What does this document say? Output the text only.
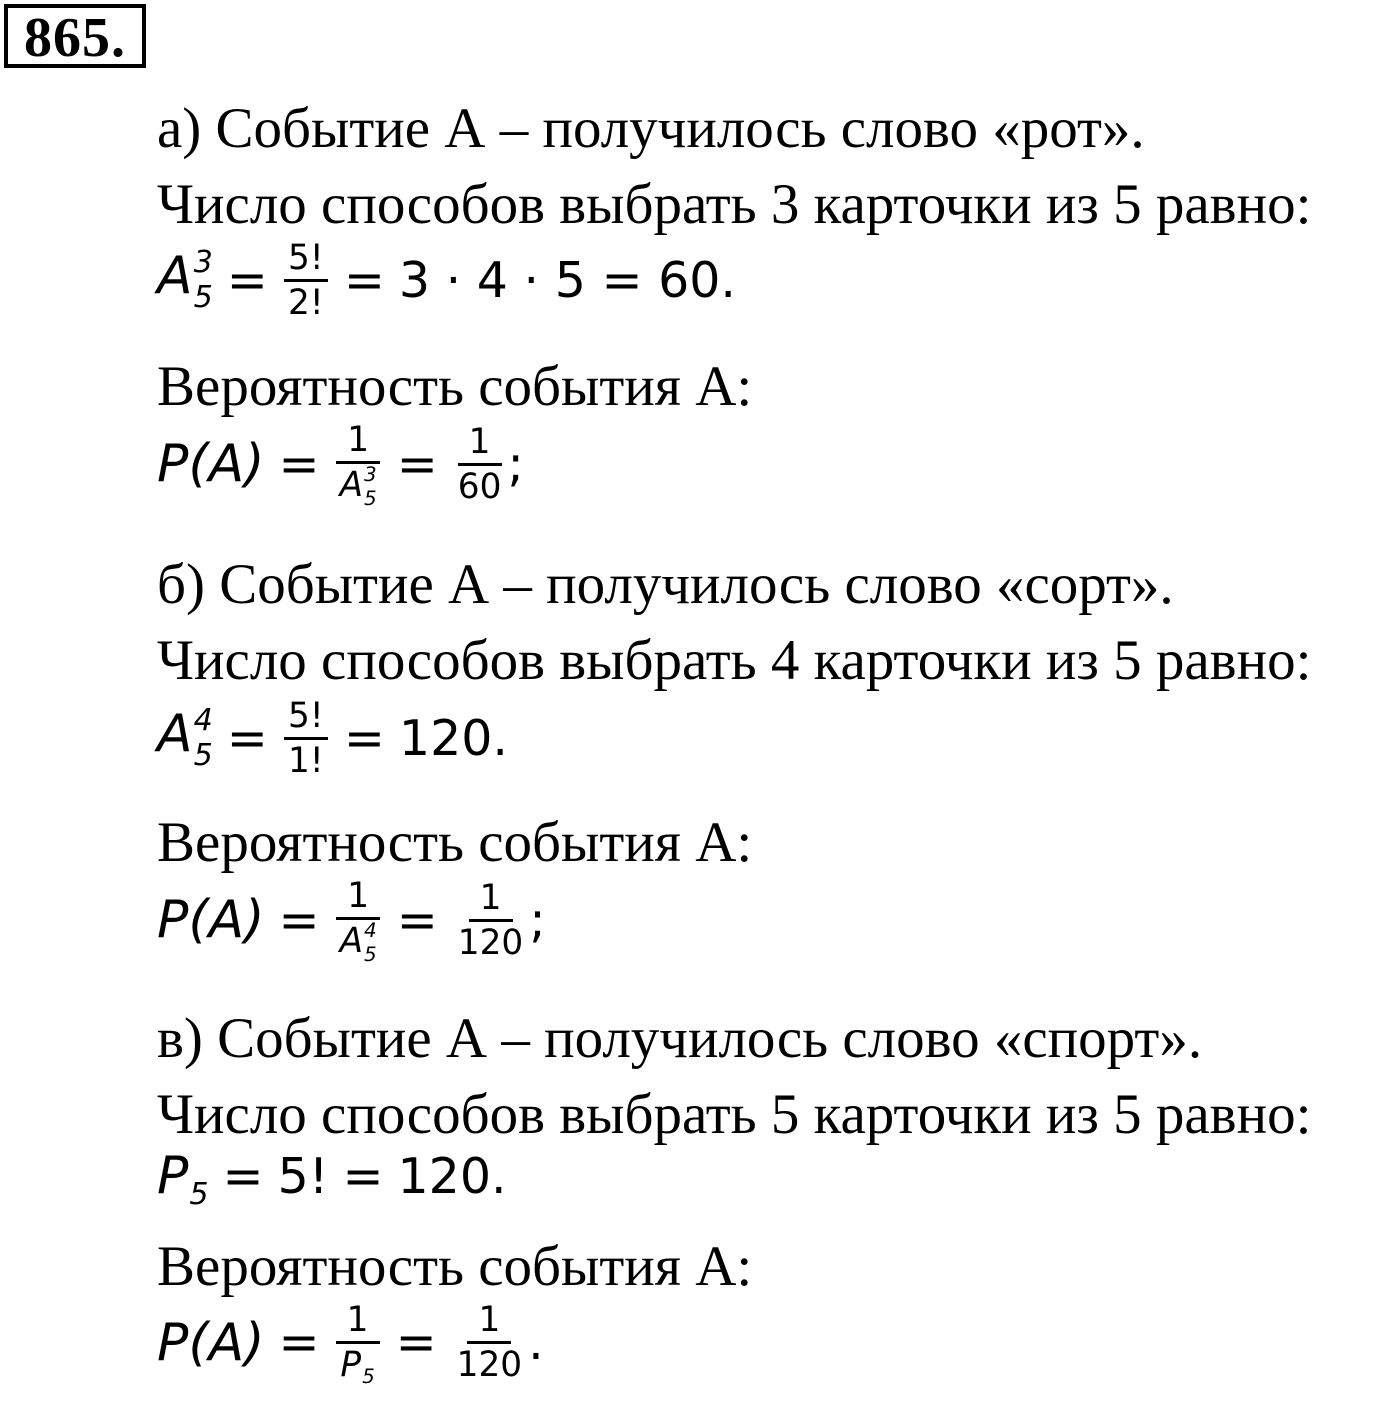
865.
а) Событие А – получилось слово «рот».
Число способов выбрать 3 карточки из 5 равно:
A 3
$5 = \frac{5!}{2!} = 3 \cdot 4 \cdot 5 = 60$.
Вероятность события А:
P(A) = 1
A 3
$5 = \frac{1}{60}$ ;
б) Событие А – получилось слово «сорт».
Число способов выбрать 4 карточки из 5 равно:
A 4
$5 = \frac{5!}{1!} = 120$.
Вероятность события А:
P(A) = 1
A 4
$5 = \frac{1}{120}$ ;
в) Событие А – получилось слово «спорт».
Число способов выбрать 5 карточки из 5 равно:
$P_5 = 5$! = 120.
Вероятность события А:
$P(A) = \frac{1}{P_5} = \frac{1}{120}$ .
